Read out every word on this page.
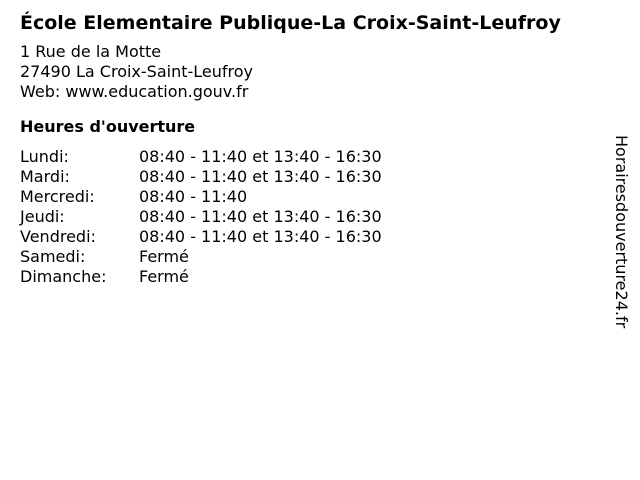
École Elementaire Publique-La Croix-Saint-Leufroy
1 Rue de la Motte
27490 La Croix-Saint-Leufroy
Web: www.education.gouv.fr
Heures d'ouverture
Lundi:	08:40 - 11:40 et 13:40 - 16:30
Mardi:	08:40 - 11:40 et 13:40 - 16:30
Mercredi:	08:40 - 11:40
Jeudi:	08:40 - 11:40 et 13:40 - 16:30
Vendredi:	08:40 - 11:40 et 13:40 - 16:30
Samedi:	Fermé
Dimanche:	Fermé	Horairesdouverture24.fr
